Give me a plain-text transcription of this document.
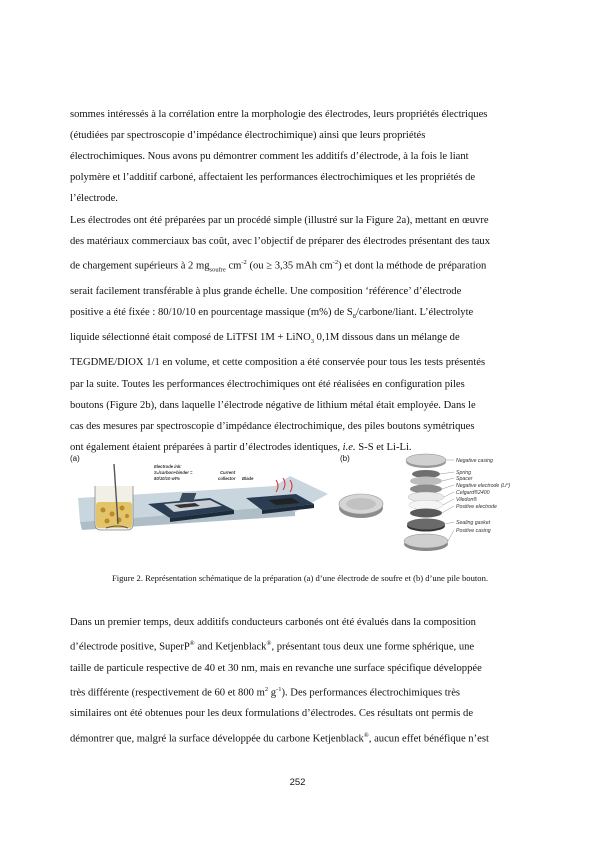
sommes intéressés à la corrélation entre la morphologie des électrodes, leurs propriétés électriques
(étudiées par spectroscopie d’impédance électrochimique) ainsi que leurs propriétés
électrochimiques. Nous avons pu démontrer comment les additifs d’électrode, à la fois le liant
polymère et l’additif carboné, affectaient les performances électrochimiques et les propriétés de
l’électrode.

Les électrodes ont été préparées par un procédé simple (illustré sur la Figure 2a), mettant en œuvre
des matériaux commerciaux bas coût, avec l’objectif de préparer des électrodes présentant des taux
de chargement supérieurs à 2 $mg_{soufre}$ $cm^{-2}$ (ou ≥ 3,35 mAh $cm^{-2}$) et dont la méthode de préparation
serait facilement transférable à plus grande échelle. Une composition ‘référence’ d’électrode
positive a été fixée : 80/10/10 en pourcentage massique (m%) de $S_8/carbone$/liant. L’électrolyte
liquide sélectionné était composé de LiTFSI 1M + LiNO$_3$ 0,1M dissous dans un mélange de
TEGDME/DIOX 1/1 en volume, et cette composition a été conservée pour tous les tests présentés
par la suite. Toutes les performances électrochimiques ont été réalisées en configuration piles
boutons (Figure 2b), dans laquelle l’électrode négative de lithium métal était employée. Dans le
cas des mesures par spectroscopie d’impédance électrochimique, des piles boutons symétriques
ont également étaient préparées à partir d’électrodes identiques, i.e. S-S et Li-Li.

(a)	(b)
Electrode ink:
S₈/carbon+binder =
80/10/10 wt%
Current
collector Blade
Homogenous ink
preparation
Coating of the electrode slurry on
the current collector
Drying in the air
at 55 °C during 24h
Negative casing
Spring
Spacer
Negative electrode (Li⁰)
Celgard®2400
Viledon®
Positive electrode
Sealing gasket
Positive casing
Figure 2. Représentation schématique de la préparation (a) d’une électrode de soufre et (b) d’une pile bouton.

Dans un premier temps, deux additifs conducteurs carbonés ont été évalués dans la composition
d’électrode positive, SuperP® and Ketjenblack®, présentant tous deux une forme sphérique, une
taille de particule respective de 40 et 30 nm, mais en revanche une surface spécifique développée
très différente (respectivement de 60 et 800 $m^2$ $g^{-1}$). Des performances électrochimiques très
similaires ont été obtenues pour les deux formulations d’électrodes. Ces résultats ont permis de
démontrer que, malgré la surface développée du carbone Ketjenblack®, aucun effet bénéfique n’est

252
